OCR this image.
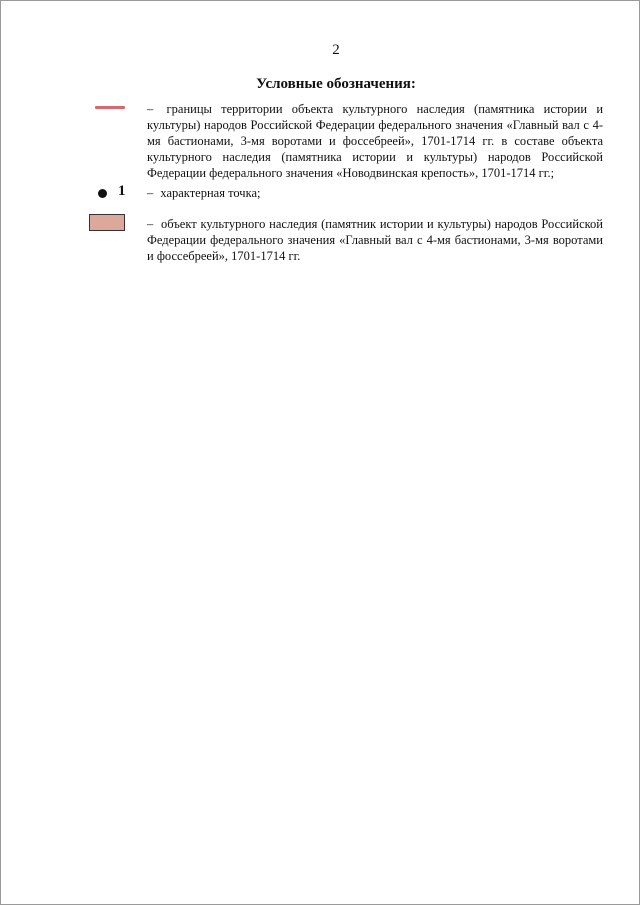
2
Условные обозначения:
– границы территории объекта культурного наследия (памятника истории и культуры) народов Российской Федерации федерального значения «Главный вал с 4-мя бастионами, 3-мя воротами и фоссебреей», 1701-1714 гг. в составе объекта культурного наследия (памятника истории и культуры) народов Российской Федерации федерального значения «Новодвинская крепость», 1701-1714 гг.;
1 – характерная точка;
– объект культурного наследия (памятник истории и культуры) народов Российской Федерации федерального значения «Главный вал с 4-мя бастионами, 3-мя воротами и фоссебреей», 1701-1714 гг.
